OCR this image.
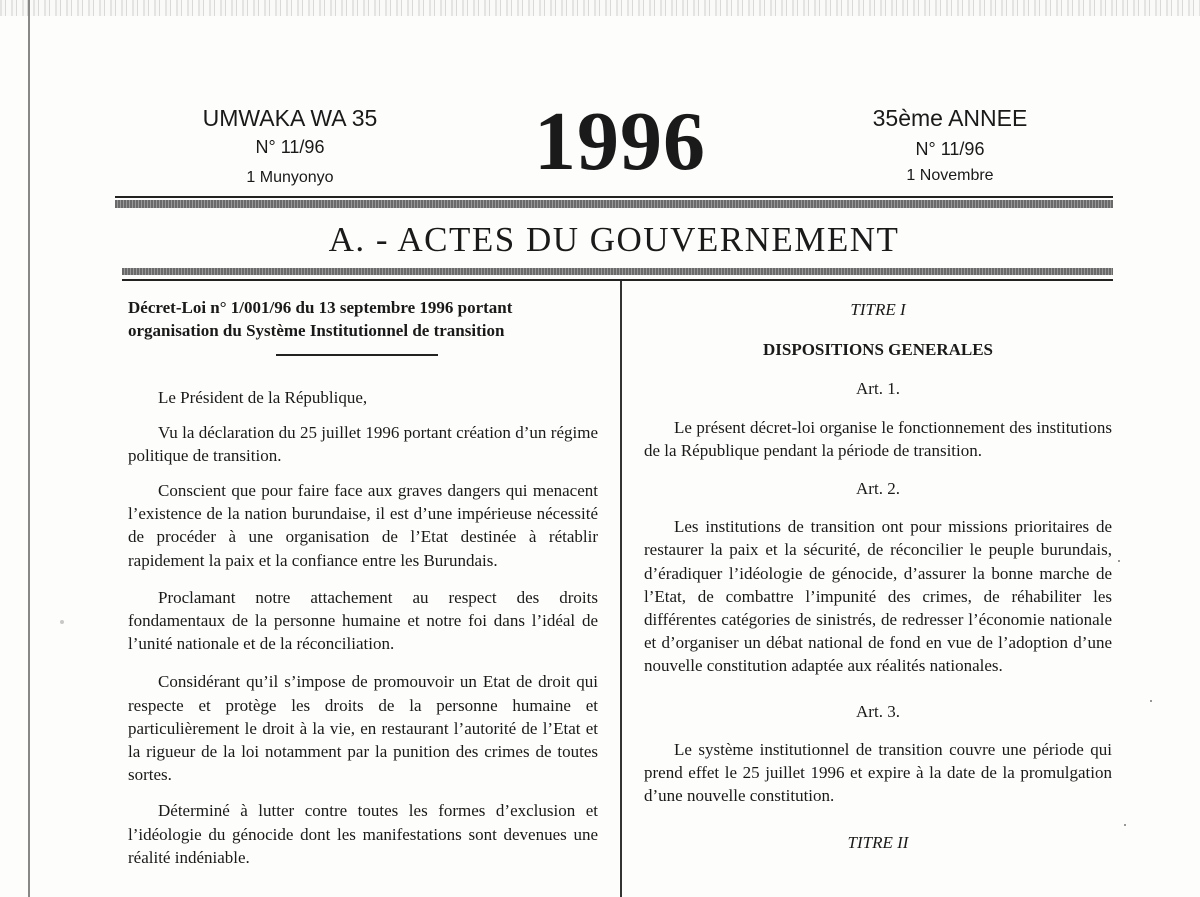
UMWAKA WA 35
N° 11/96
1 Munyonyo	1996	35ème ANNEE
N° 11/96
1 Novembre
A. - ACTES DU GOUVERNEMENT

Décret-Loi n° 1/001/96 du 13 septembre 1996 portant

organisation du Système Institutionnel de transition

Le Président de la République,

Vu la déclaration du 25 juillet 1996 portant création d’un régime politique de transition.

Conscient que pour faire face aux graves dangers qui menacent l’existence de la nation burundaise, il est d’une impérieuse nécessité de procéder à une organisation de l’Etat destinée à rétablir rapidement la paix et la confiance entre les Burundais.

Proclamant notre attachement au respect des droits fondamentaux de la personne humaine et notre foi dans l’idéal de l’unité nationale et de la réconciliation.

Considérant qu’il s’impose de promouvoir un Etat de droit qui respecte et protège les droits de la personne humaine et particulièrement le droit à la vie, en restaurant l’autorité de l’Etat et la rigueur de la loi notamment par la punition des crimes de toutes sortes.

Déterminé à lutter contre toutes les formes d’exclusion et l’idéologie du génocide dont les manifestations sont devenues une réalité indéniable.

TITRE I

DISPOSITIONS GENERALES

Art. 1.

Le présent décret-loi organise le fonctionnement des institutions de la République pendant la période de transition.

Art. 2.

Les institutions de transition ont pour missions prioritaires de restaurer la paix et la sécurité, de réconcilier le peuple burundais, d’éradiquer l’idéologie de génocide, d’assurer la bonne marche de l’Etat, de combattre l’impunité des crimes, de réhabiliter les différentes catégories de sinistrés, de redresser l’économie nationale et d’organiser un débat national de fond en vue de l’adoption d’une nouvelle constitution adaptée aux réalités nationales.

Art. 3.

Le système institutionnel de transition couvre une période qui prend effet le 25 juillet 1996 et expire à la date de la promulgation d’une nouvelle constitution.

TITRE II
